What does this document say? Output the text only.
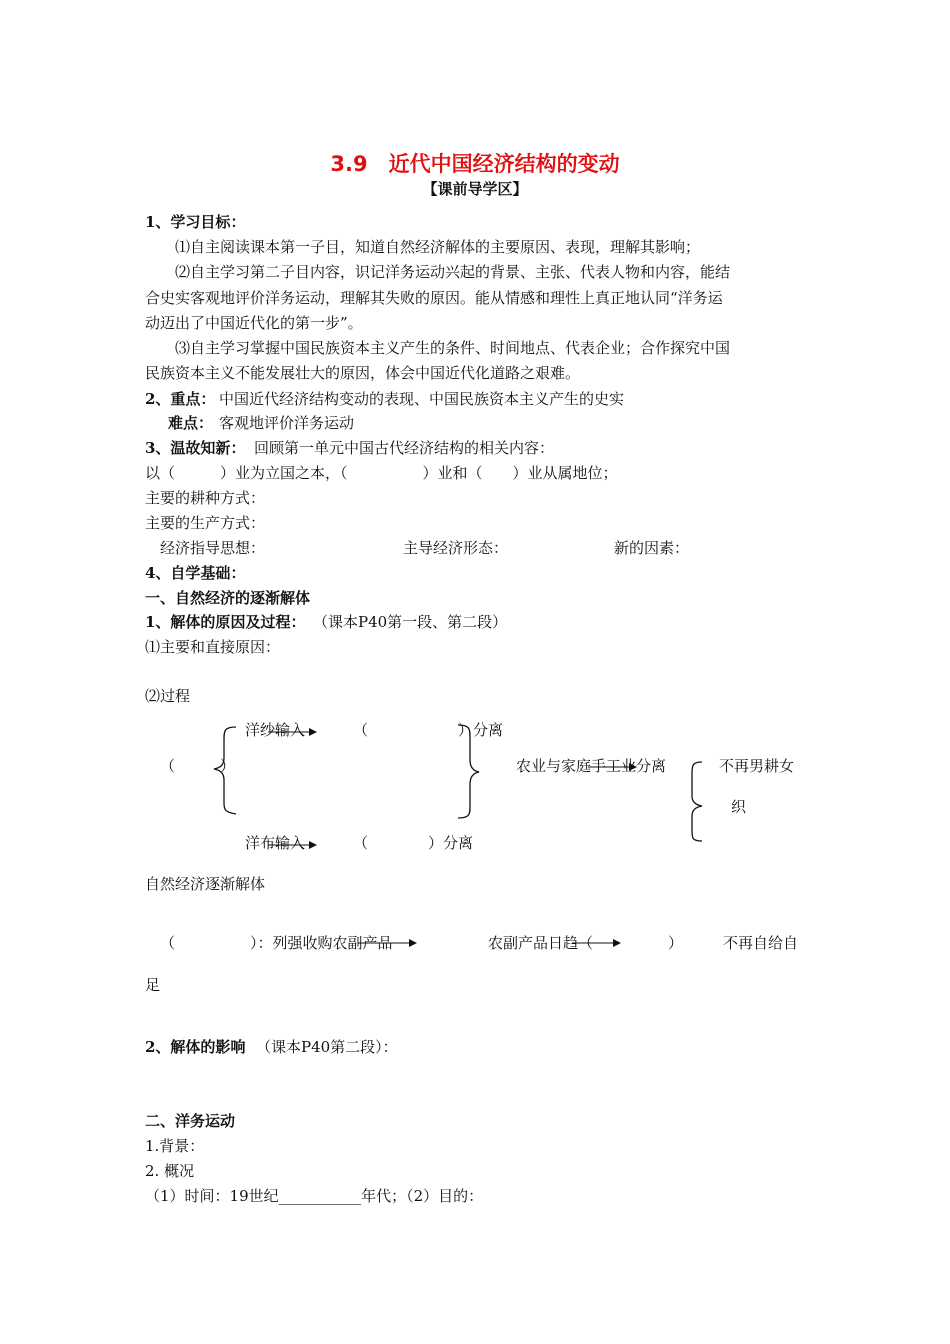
3.9　近代中国经济结构的变动
【课前导学区】
1、学习目标：
⑴自主阅读课本第一子目，知道自然经济解体的主要原因、表现，理解其影响；
⑵自主学习第二子目内容，识记洋务运动兴起的背景、主张、代表人物和内容，能结
合史实客观地评价洋务运动，理解其失败的原因。能从情感和理性上真正地认同“洋务运
动迈出了中国近代化的第一步”。
⑶自主学习掌握中国民族资本主义产生的条件、时间地点、代表企业；合作探究中国
民族资本主义不能发展壮大的原因，体会中国近代化道路之艰难。
2、重点： 中国近代经济结构变动的表现、中国民族资本主义产生的史实
难点： 客观地评价洋务运动
3、温故知新： 回顾第一单元中国古代经济结构的相关内容：
以（　　　）业为立国之本，（　　　　　）业和（　　）业从属地位；
主要的耕种方式：
主要的生产方式：
经济指导思想：	主导经济形态：	新的因素：
4、自学基础：
一、自然经济的逐渐解体
1、解体的原因及过程： （课本P40第一段、第二段）
⑴主要和直接原因：
⑵过程
洋纱输入	（　　　　　　）分离
（　　　）	农业与家庭手工业分离	不再男耕女
织
洋布输入	（　　　　）分离
自然经济逐渐解体
（　　　　　）：列强收购农副产品	农副产品日趋（　　　　　）	不再自给自
足
2、解体的影响 （课本P40第二段）：
二、洋务运动
1.背景：
2. 概况
（1）时间：19世纪___________年代；（2）目的：
